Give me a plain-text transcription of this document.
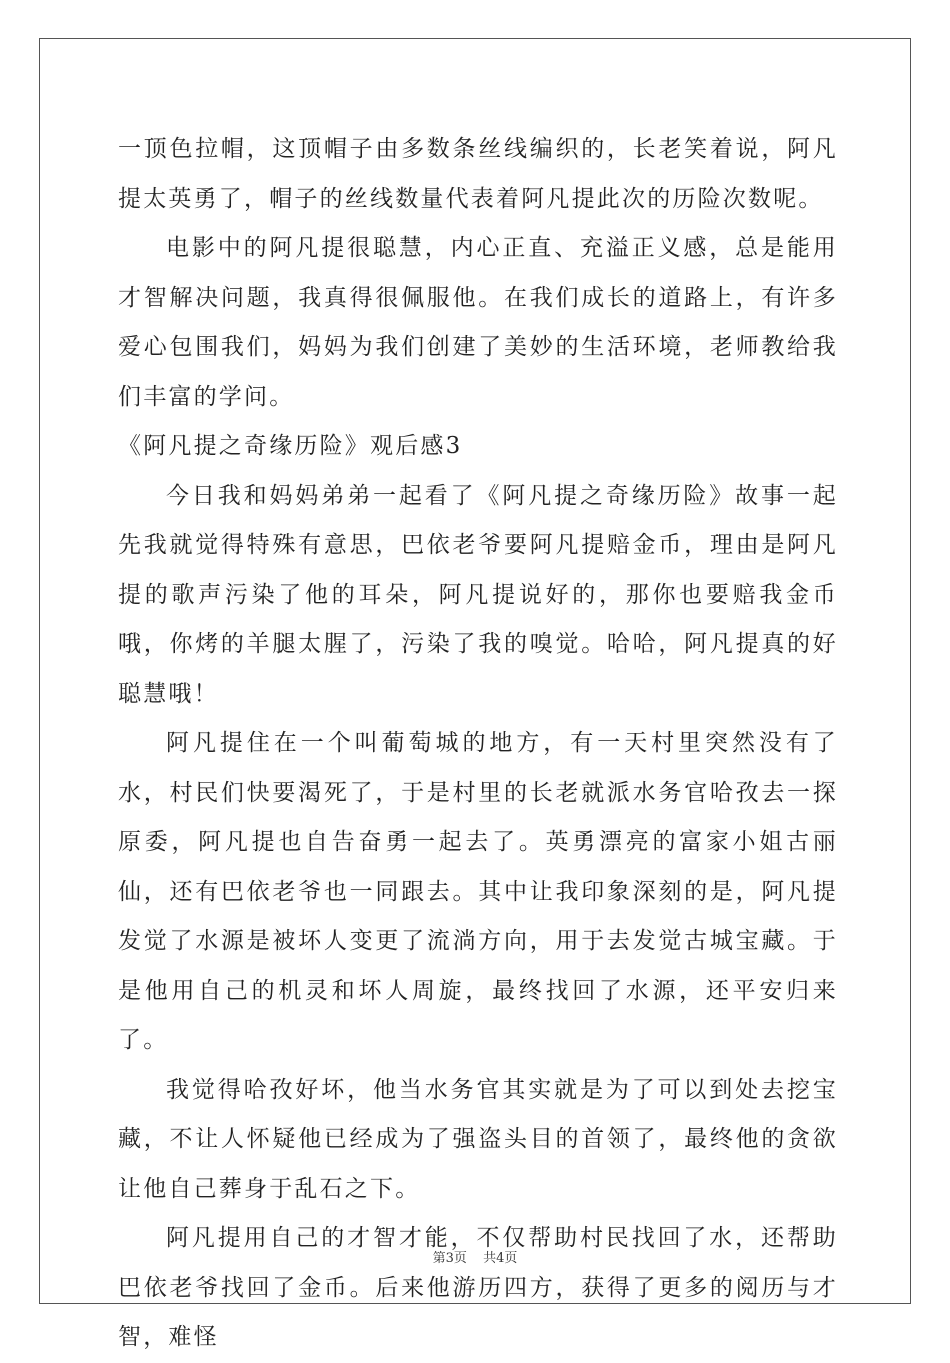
一顶色拉帽，这顶帽子由多数条丝线编织的，长老笑着说，阿凡提太英勇了，帽子的丝线数量代表着阿凡提此次的历险次数呢。

电影中的阿凡提很聪慧，内心正直、充溢正义感，总是能用才智解决问题，我真得很佩服他。在我们成长的道路上，有许多爱心包围我们，妈妈为我们创建了美妙的生活环境，老师教给我们丰富的学问。

《阿凡提之奇缘历险》观后感3

今日我和妈妈弟弟一起看了《阿凡提之奇缘历险》故事一起先我就觉得特殊有意思，巴依老爷要阿凡提赔金币，理由是阿凡提的歌声污染了他的耳朵，阿凡提说好的，那你也要赔我金币哦，你烤的羊腿太腥了，污染了我的嗅觉。哈哈，阿凡提真的好聪慧哦！

阿凡提住在一个叫葡萄城的地方，有一天村里突然没有了水，村民们快要渴死了，于是村里的长老就派水务官哈孜去一探原委，阿凡提也自告奋勇一起去了。英勇漂亮的富家小姐古丽仙，还有巴依老爷也一同跟去。其中让我印象深刻的是，阿凡提发觉了水源是被坏人变更了流淌方向，用于去发觉古城宝藏。于是他用自己的机灵和坏人周旋，最终找回了水源，还平安归来了。

我觉得哈孜好坏，他当水务官其实就是为了可以到处去挖宝藏，不让人怀疑他已经成为了强盗头目的首领了，最终他的贪欲让他自己葬身于乱石之下。

阿凡提用自己的才智才能，不仅帮助村民找回了水，还帮助巴依老爷找回了金币。后来他游历四方，获得了更多的阅历与才智，难怪

第3页 共4页
